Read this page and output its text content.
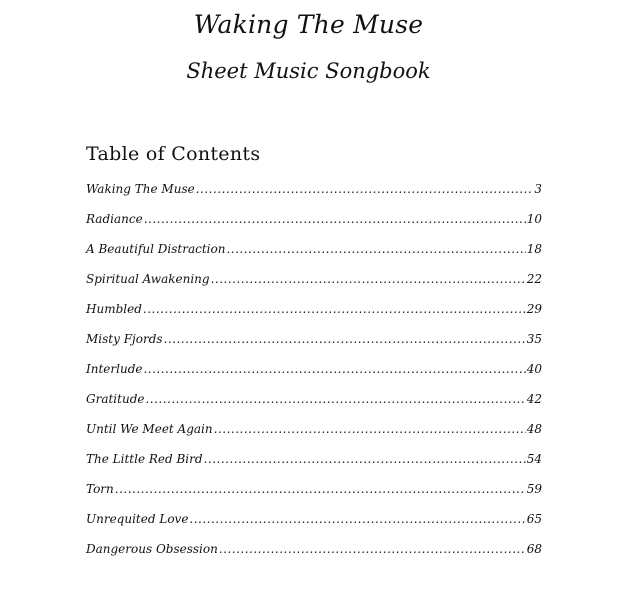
Waking The Muse
Sheet Music Songbook
Table of Contents
Waking The Muse .....	3
Radiance .....	10
A Beautiful Distraction .....	18
Spiritual Awakening .....	22
Humbled .....	29
Misty Fjords .....	35
Interlude .....	40
Gratitude .....	42
Until We Meet Again .....	48
The Little Red Bird .....	54
Torn .....	59
Unrequited Love .....	65
Dangerous Obsession .....	68
